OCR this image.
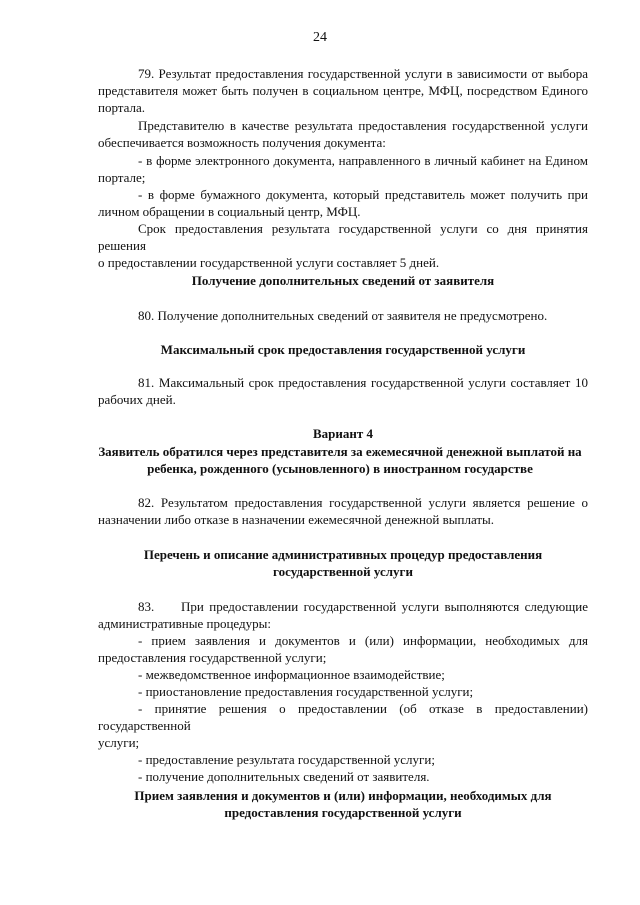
24
79. Результат предоставления государственной услуги в зависимости от выбора
представителя может быть получен в социальном центре, МФЦ, посредством Единого
портала.
Представителю в качестве результата предоставления государственной услуги
обеспечивается возможность получения документа:
- в форме электронного документа, направленного в личный кабинет на Едином
портале;
- в форме бумажного документа, который представитель может получить при
личном обращении в социальный центр, МФЦ.
Срок предоставления результата государственной услуги со дня принятия решения
о предоставлении государственной услуги составляет 5 дней.
Получение дополнительных сведений от заявителя
80. Получение дополнительных сведений от заявителя не предусмотрено.
Максимальный срок предоставления государственной услуги
81. Максимальный срок предоставления государственной услуги составляет 10
рабочих дней.
Вариант 4
Заявитель обратился через представителя за ежемесячной денежной выплатой на
ребенка, рожденного (усыновленного) в иностранном государстве
82. Результатом предоставления государственной услуги является решение о
назначении либо отказе в назначении ежемесячной денежной выплаты.
Перечень и описание административных процедур предоставления
государственной услуги
83.     При предоставлении государственной услуги выполняются следующие
административные процедуры:
- прием заявления и документов и (или) информации, необходимых для
предоставления государственной услуги;
- межведомственное информационное взаимодействие;
- приостановление предоставления государственной услуги;
- принятие решения о предоставлении (об отказе в предоставлении) государственной
услуги;
- предоставление результата государственной услуги;
- получение дополнительных сведений от заявителя.
Прием заявления и документов и (или) информации, необходимых для
предоставления государственной услуги
